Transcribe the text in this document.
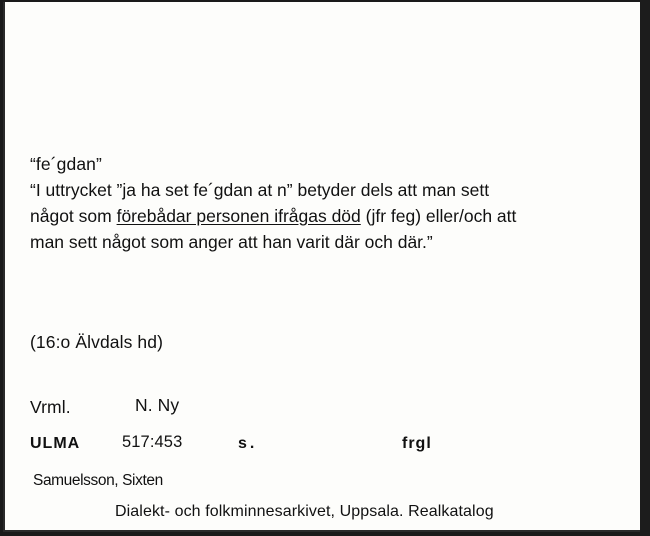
“fe´gdan”
“I uttrycket ”ja ha set fe´gdan at n” betyder dels att man sett
något som förebådar personen ifrågas död (jfr feg) eller/och att
man sett något som anger att han varit där och där.”
(16:o Älvdals hd)
Vrml.	N. Ny
ULMA	517:453	s.	frgl
Samuelsson, Sixten
Dialekt- och folkminnesarkivet, Uppsala. Realkatalog
